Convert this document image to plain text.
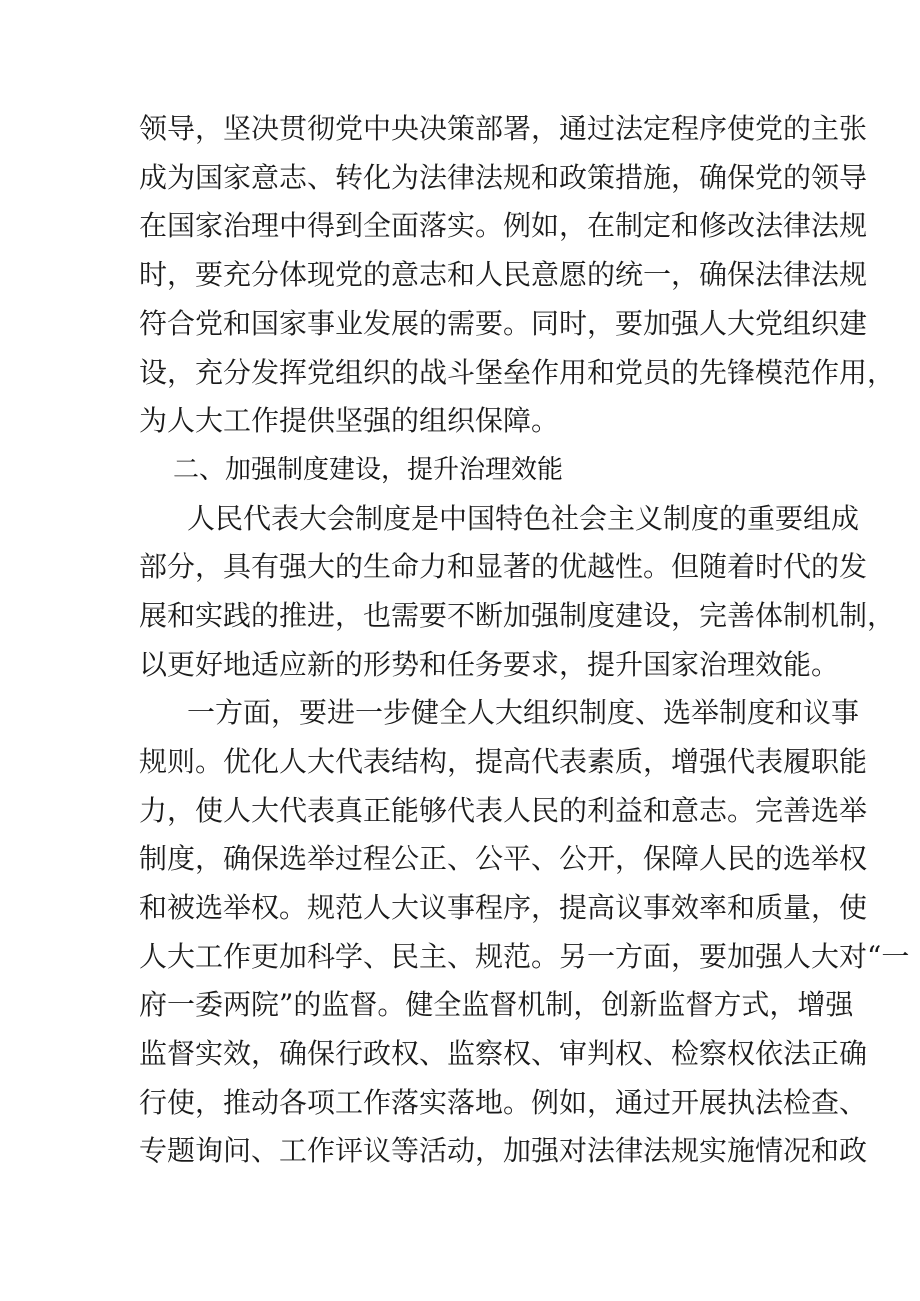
领导，坚决贯彻党中央决策部署，通过法定程序使党的主张
成为国家意志、转化为法律法规和政策措施，确保党的领导
在国家治理中得到全面落实。例如，在制定和修改法律法规
时，要充分体现党的意志和人民意愿的统一，确保法律法规
符合党和国家事业发展的需要。同时，要加强人大党组织建
设，充分发挥党组织的战斗堡垒作用和党员的先锋模范作用，
为人大工作提供坚强的组织保障。
二、加强制度建设，提升治理效能
人民代表大会制度是中国特色社会主义制度的重要组成
部分，具有强大的生命力和显著的优越性。但随着时代的发
展和实践的推进，也需要不断加强制度建设，完善体制机制，
以更好地适应新的形势和任务要求，提升国家治理效能。
一方面，要进一步健全人大组织制度、选举制度和议事
规则。优化人大代表结构，提高代表素质，增强代表履职能
力，使人大代表真正能够代表人民的利益和意志。完善选举
制度，确保选举过程公正、公平、公开，保障人民的选举权
和被选举权。规范人大议事程序，提高议事效率和质量，使
人大工作更加科学、民主、规范。另一方面，要加强人大对“一
府一委两院”的监督。健全监督机制，创新监督方式，增强
监督实效，确保行政权、监察权、审判权、检察权依法正确
行使，推动各项工作落实落地。例如，通过开展执法检查、
专题询问、工作评议等活动，加强对法律法规实施情况和政
